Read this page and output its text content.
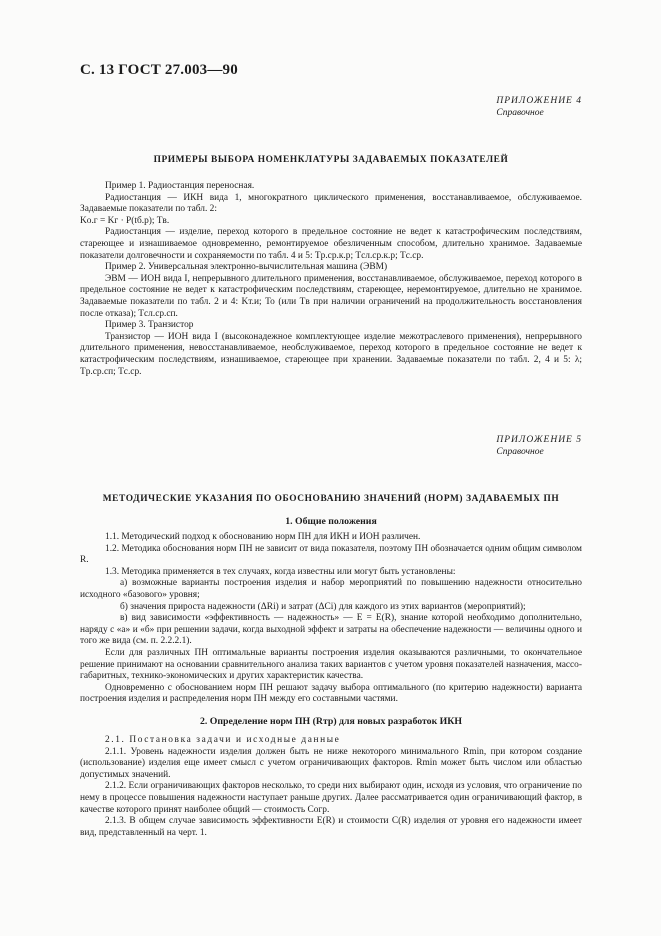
С. 13 ГОСТ 27.003—90
ПРИЛОЖЕНИЕ 4
Справочное
ПРИМЕРЫ ВЫБОРА НОМЕНКЛАТУРЫ ЗАДАВАЕМЫХ ПОКАЗАТЕЛЕЙ

Пример 1. Радиостанция переносная.

Радиостанция — ИКН вида 1, многократного циклического применения, восстанавливаемое, обслуживаемое. Задаваемые показатели по табл. 2:

Kо.г = Kг · P(tб.р); Tв.

Радиостанция — изделие, переход которого в предельное состояние не ведет к катастрофическим последствиям, стареющее и изнашиваемое одновременно, ремонтируемое обезличенным способом, длительно хранимое. Задаваемые показатели долговечности и сохраняемости по табл. 4 и 5: Tр.ср.к.р; Tсл.ср.к.р; Tс.ср.

Пример 2. Универсальная электронно-вычислительная машина (ЭВМ)

ЭВМ — ИОН вида I, непрерывного длительного применения, восстанавливаемое, обслуживаемое, переход которого в предельное состояние не ведет к катастрофическим последствиям, стареющее, неремонтируемое, длительно не хранимое. Задаваемые показатели по табл. 2 и 4: Kт.и; To (или Tв при наличии ограничений на продолжительность восстановления после отказа); Tсл.ср.сп.

Пример 3. Транзистор

Транзистор — ИОН вида I (высоконадежное комплектующее изделие межотраслевого применения), непрерывного длительного применения, невосстанавливаемое, необслуживаемое, переход которого в предельное состояние не ведет к катастрофическим последствиям, изнашиваемое, стареющее при хранении. Задаваемые показатели по табл. 2, 4 и 5: λ; Tр.ср.сп; Tс.ср.

ПРИЛОЖЕНИЕ 5
Справочное
МЕТОДИЧЕСКИЕ УКАЗАНИЯ ПО ОБОСНОВАНИЮ ЗНАЧЕНИЙ (НОРМ) ЗАДАВАЕМЫХ ПН
1. Общие положения

1.1. Методический подход к обоснованию норм ПН для ИКН и ИОН различен.

1.2. Методика обоснования норм ПН не зависит от вида показателя, поэтому ПН обозначается одним общим символом R.

1.3. Методика применяется в тех случаях, когда известны или могут быть установлены:

а) возможные варианты построения изделия и набор мероприятий по повышению надежности относительно исходного «базового» уровня;

б) значения прироста надежности (ΔRi) и затрат (ΔCi) для каждого из этих вариантов (мероприятий);

в) вид зависимости «эффективность — надежность» — E = E(R), знание которой необходимо дополнительно, наряду с «а» и «б» при решении задачи, когда выходной эффект и затраты на обеспечение надежности — величины одного и того же вида (см. п. 2.2.2.1).

Если для различных ПН оптимальные варианты построения изделия оказываются различными, то окончательное решение принимают на основании сравнительного анализа таких вариантов с учетом уровня показателей назначения, массо-габаритных, технико-экономических и других характеристик качества.

Одновременно с обоснованием норм ПН решают задачу выбора оптимального (по критерию надежности) варианта построения изделия и распределения норм ПН между его составными частями.

2. Определение норм ПН (Rтр) для новых разработок ИКН

2.1. Постановка задачи и исходные данные

2.1.1. Уровень надежности изделия должен быть не ниже некоторого минимального Rmin, при котором создание (использование) изделия еще имеет смысл с учетом ограничивающих факторов. Rmin может быть числом или областью допустимых значений.

2.1.2. Если ограничивающих факторов несколько, то среди них выбирают один, исходя из условия, что ограничение по нему в процессе повышения надежности наступает раньше других. Далее рассматривается один ограничивающий фактор, в качестве которого принят наиболее общий — стоимость Cогр.

2.1.3. В общем случае зависимость эффективности E(R) и стоимости C(R) изделия от уровня его надежности имеет вид, представленный на черт. 1.
